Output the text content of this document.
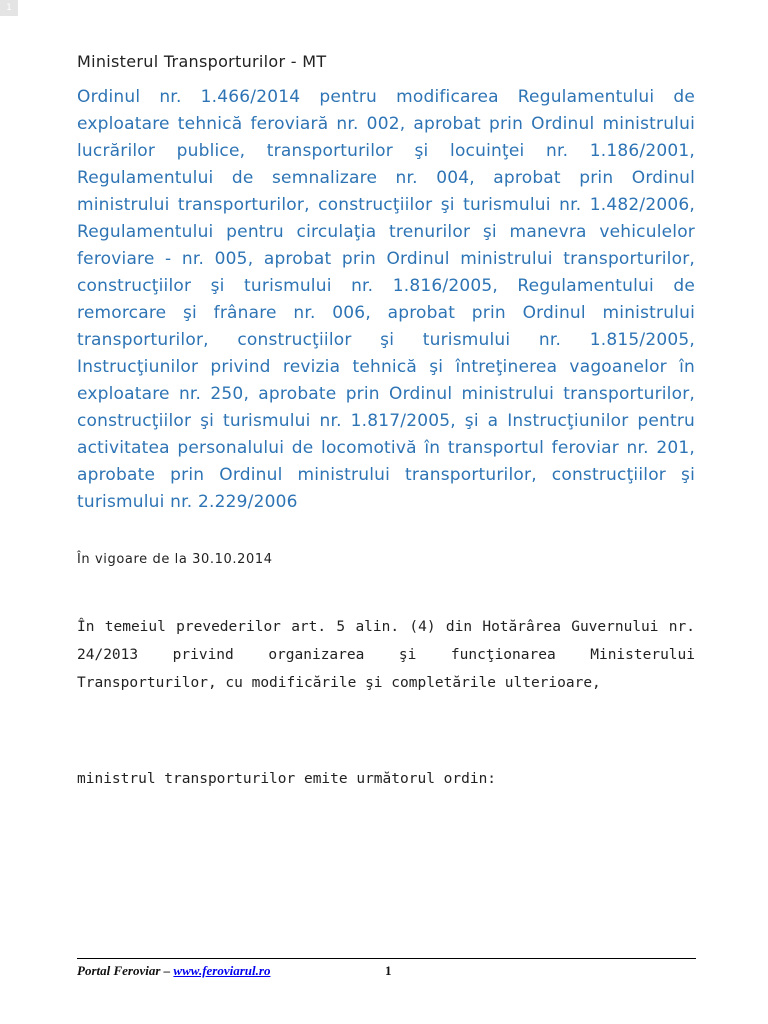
1
Ministerul Transporturilor - MT

Ordinul nr. 1.466/2014 pentru modificarea Regulamentului de exploatare tehnică feroviară nr. 002, aprobat prin Ordinul ministrului lucrărilor publice, transporturilor şi locuinţei nr. 1.186/2001, Regulamentului de semnalizare nr. 004, aprobat prin Ordinul ministrului transporturilor, construcţiilor şi turismului nr. 1.482/2006, Regulamentului pentru circulaţia trenurilor şi manevra vehiculelor feroviare - nr. 005, aprobat prin Ordinul ministrului transporturilor, construcţiilor şi turismului nr. 1.816/2005, Regulamentului de remorcare şi frânare nr. 006, aprobat prin Ordinul ministrului transporturilor, construcţiilor şi turismului nr. 1.815/2005, Instrucţiunilor privind revizia tehnică şi întreţinerea vagoanelor în exploatare nr. 250, aprobate prin Ordinul ministrului transporturilor, construcţiilor şi turismului nr. 1.817/2005, şi a Instrucţiunilor pentru activitatea personalului de locomotivă în transportul feroviar nr. 201, aprobate prin Ordinul ministrului transporturilor, construcţiilor şi turismului nr. 2.229/2006

În vigoare de la 30.10.2014

În temeiul prevederilor art. 5 alin. (4) din Hotărârea Guvernului nr. 24/2013 privind organizarea şi funcţionarea Ministerului Transporturilor, cu modificările şi completările ulterioare,

ministrul transporturilor emite următorul ordin:
Portal Feroviar – www.feroviarul.ro	1
